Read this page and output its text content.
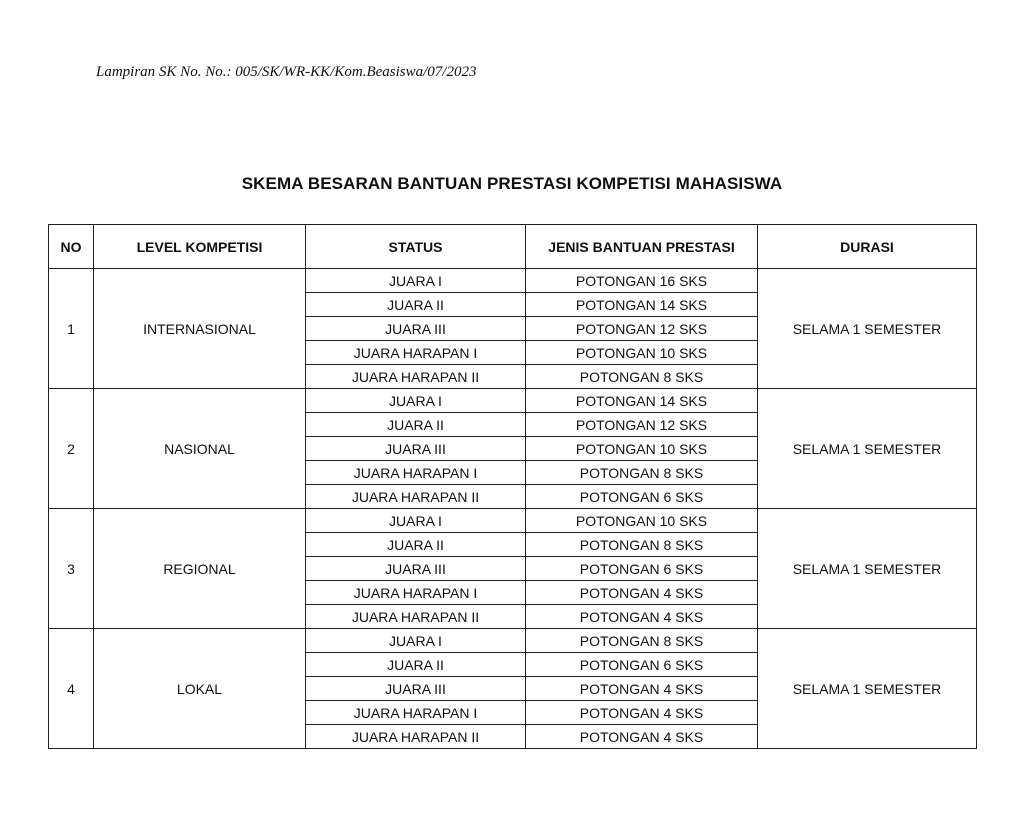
Lampiran SK No. No.: 005/SK/WR-KK/Kom.Beasiswa/07/2023
SKEMA BESARAN BANTUAN PRESTASI KOMPETISI MAHASISWA
NO	LEVEL KOMPETISI	STATUS	JENIS BANTUAN PRESTASI	DURASI
1	INTERNASIONAL	JUARA I	POTONGAN 16 SKS	SELAMA 1 SEMESTER
		JUARA II	POTONGAN 14 SKS	
		JUARA III	POTONGAN 12 SKS	
		JUARA HARAPAN I	POTONGAN 10 SKS	
		JUARA HARAPAN II	POTONGAN 8 SKS	
2	NASIONAL	JUARA I	POTONGAN 14 SKS	SELAMA 1 SEMESTER
		JUARA II	POTONGAN 12 SKS	
		JUARA III	POTONGAN 10 SKS	
		JUARA HARAPAN I	POTONGAN 8 SKS	
		JUARA HARAPAN II	POTONGAN 6 SKS	
3	REGIONAL	JUARA I	POTONGAN 10 SKS	SELAMA 1 SEMESTER
		JUARA II	POTONGAN 8 SKS	
		JUARA III	POTONGAN 6 SKS	
		JUARA HARAPAN I	POTONGAN 4 SKS	
		JUARA HARAPAN II	POTONGAN 4 SKS	
4	LOKAL	JUARA I	POTONGAN 8 SKS	SELAMA 1 SEMESTER
		JUARA II	POTONGAN 6 SKS	
		JUARA III	POTONGAN 4 SKS	
		JUARA HARAPAN I	POTONGAN 4 SKS	
		JUARA HARAPAN II	POTONGAN 4 SKS	
